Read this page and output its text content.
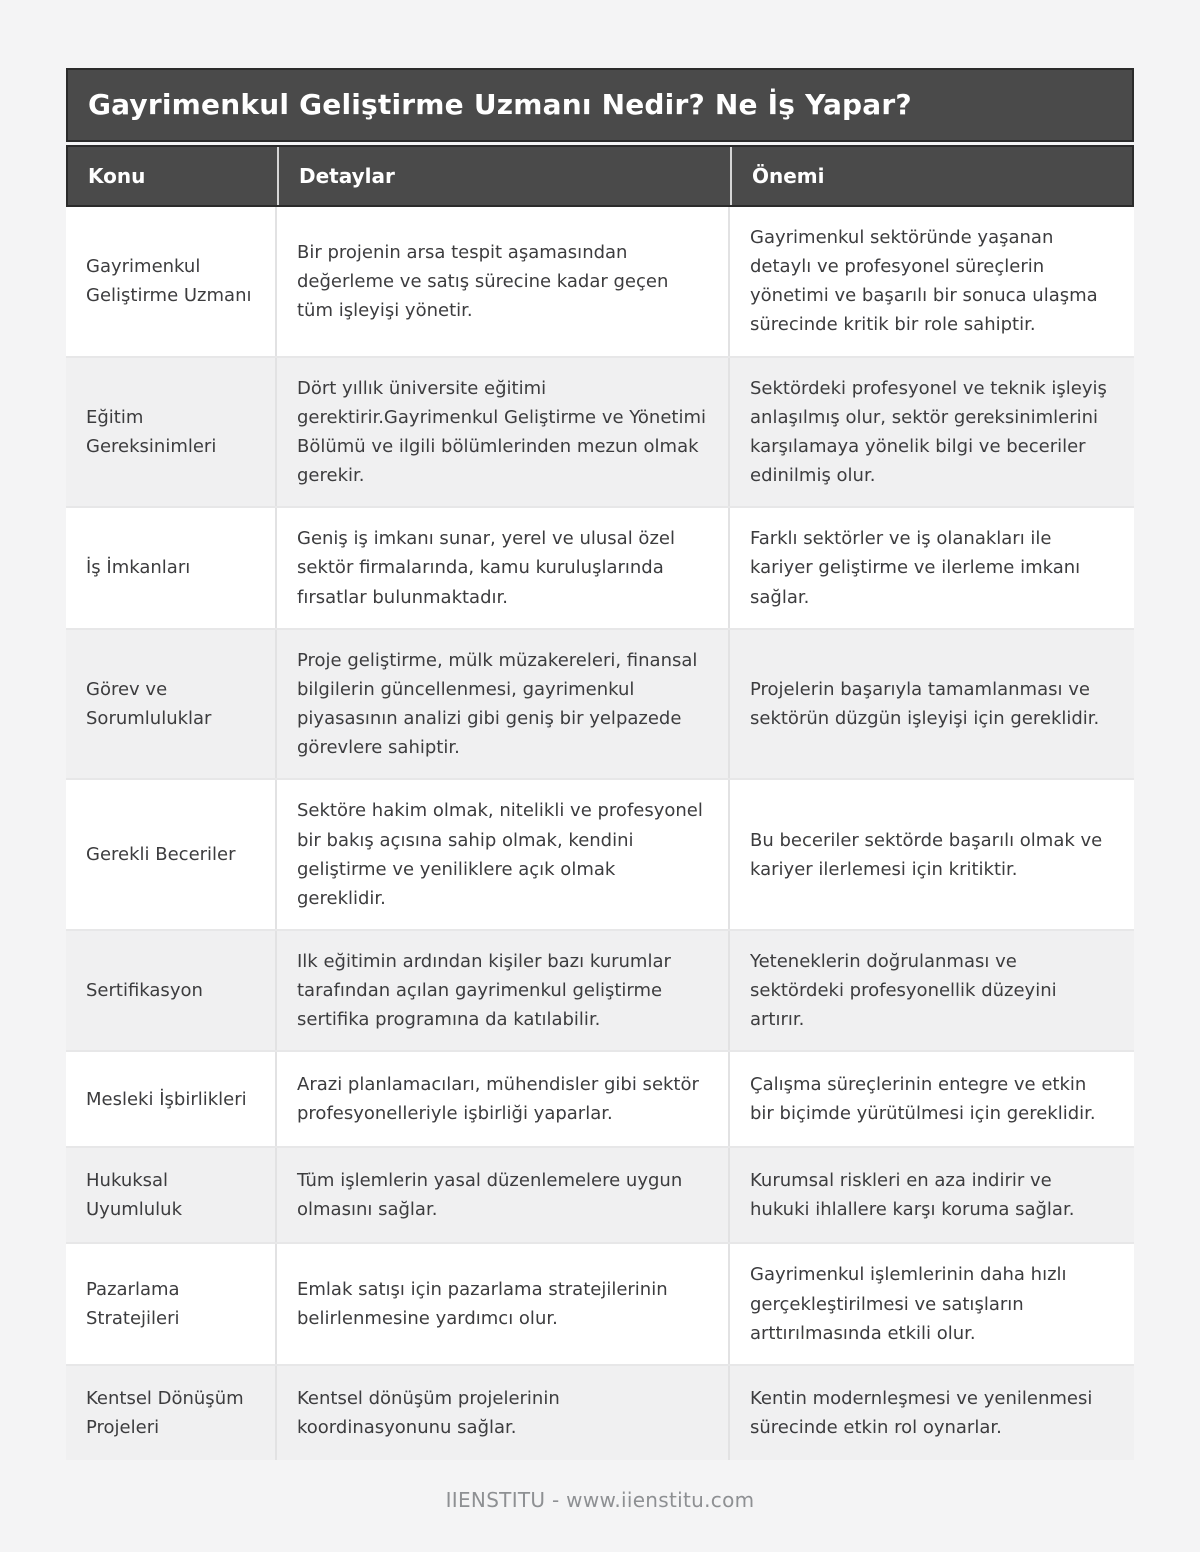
Gayrimenkul Geliştirme Uzmanı Nedir? Ne İş Yapar?
Konu	Detaylar	Önemi
Gayrimenkul Geliştirme Uzmanı
Bir projenin arsa tespit aşamasından değerleme ve satış sürecine kadar geçen tüm işleyişi yönetir.
Gayrimenkul sektöründe yaşanan detaylı ve profesyonel süreçlerin yönetimi ve başarılı bir sonuca ulaşma sürecinde kritik bir role sahiptir.
Eğitim Gereksinimleri
Dört yıllık üniversite eğitimi gerektirir.Gayrimenkul Geliştirme ve Yönetimi Bölümü ve ilgili bölümlerinden mezun olmak gerekir.
Sektördeki profesyonel ve teknik işleyiş anlaşılmış olur, sektör gereksinimlerini karşılamaya yönelik bilgi ve beceriler edinilmiş olur.
İş İmkanları
Geniş iş imkanı sunar, yerel ve ulusal özel sektör firmalarında, kamu kuruluşlarında fırsatlar bulunmaktadır.
Farklı sektörler ve iş olanakları ile kariyer geliştirme ve ilerleme imkanı sağlar.
Görev ve Sorumluluklar
Proje geliştirme, mülk müzakereleri, finansal bilgilerin güncellenmesi, gayrimenkul piyasasının analizi gibi geniş bir yelpazede görevlere sahiptir.
Projelerin başarıyla tamamlanması ve sektörün düzgün işleyişi için gereklidir.
Gerekli Beceriler
Sektöre hakim olmak, nitelikli ve profesyonel bir bakış açısına sahip olmak, kendini geliştirme ve yeniliklere açık olmak gereklidir.
Bu beceriler sektörde başarılı olmak ve kariyer ilerlemesi için kritiktir.
Sertifikasyon
Ilk eğitimin ardından kişiler bazı kurumlar tarafından açılan gayrimenkul geliştirme sertifika programına da katılabilir.
Yeteneklerin doğrulanması ve sektördeki profesyonellik düzeyini artırır.
Mesleki İşbirlikleri
Arazi planlamacıları, mühendisler gibi sektör profesyonelleriyle işbirliği yaparlar.
Çalışma süreçlerinin entegre ve etkin bir biçimde yürütülmesi için gereklidir.
Hukuksal Uyumluluk
Tüm işlemlerin yasal düzenlemelere uygun olmasını sağlar.
Kurumsal riskleri en aza indirir ve hukuki ihlallere karşı koruma sağlar.
Pazarlama Stratejileri
Emlak satışı için pazarlama stratejilerinin belirlenmesine yardımcı olur.
Gayrimenkul işlemlerinin daha hızlı gerçekleştirilmesi ve satışların arttırılmasında etkili olur.
Kentsel Dönüşüm Projeleri
Kentsel dönüşüm projelerinin koordinasyonunu sağlar.
Kentin modernleşmesi ve yenilenmesi sürecinde etkin rol oynarlar.
IIENSTITU - www.iienstitu.com
